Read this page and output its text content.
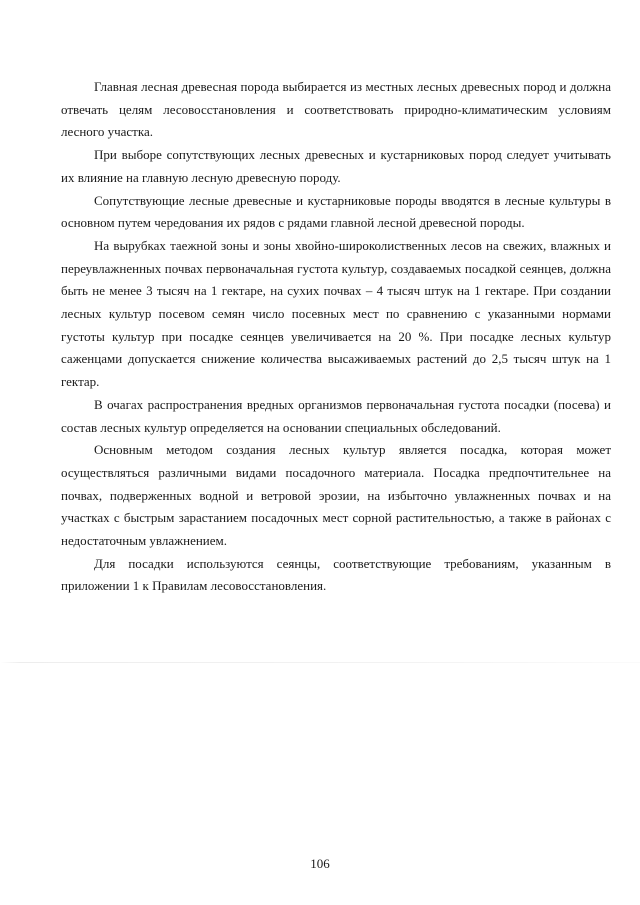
Главная лесная древесная порода выбирается из местных лесных древесных пород и должна отвечать целям лесовосстановления и соответствовать природно-климатическим условиям лесного участка.

При выборе сопутствующих лесных древесных и кустарниковых пород следует учитывать их влияние на главную лесную древесную породу.

Сопутствующие лесные древесные и кустарниковые породы вводятся в лесные культуры в основном путем чередования их рядов с рядами главной лесной древесной породы.

На вырубках таежной зоны и зоны хвойно-широколиственных лесов на свежих, влажных и переувлажненных почвах первоначальная густота культур, создаваемых посадкой сеянцев, должна быть не менее 3 тысяч на 1 гектаре, на сухих почвах – 4 тысяч штук на 1 гектаре. При создании лесных культур посевом семян число посевных мест по сравнению с указанными нормами густоты культур при посадке сеянцев увеличивается на 20 %. При посадке лесных культур саженцами допускается снижение количества высаживаемых растений до 2,5 тысяч штук на 1 гектар.

В очагах распространения вредных организмов первоначальная густота посадки (посева) и состав лесных культур определяется на основании специальных обследований.

Основным методом создания лесных культур является посадка, которая может осуществляться различными видами посадочного материала. Посадка предпочтительнее на почвах, подверженных водной и ветровой эрозии, на избыточно увлажненных почвах и на участках с быстрым зарастанием посадочных мест сорной растительностью, а также в районах с недостаточным увлажнением.

Для посадки используются сеянцы, соответствующие требованиям, указанным в приложении 1 к Правилам лесовосстановления.

106
